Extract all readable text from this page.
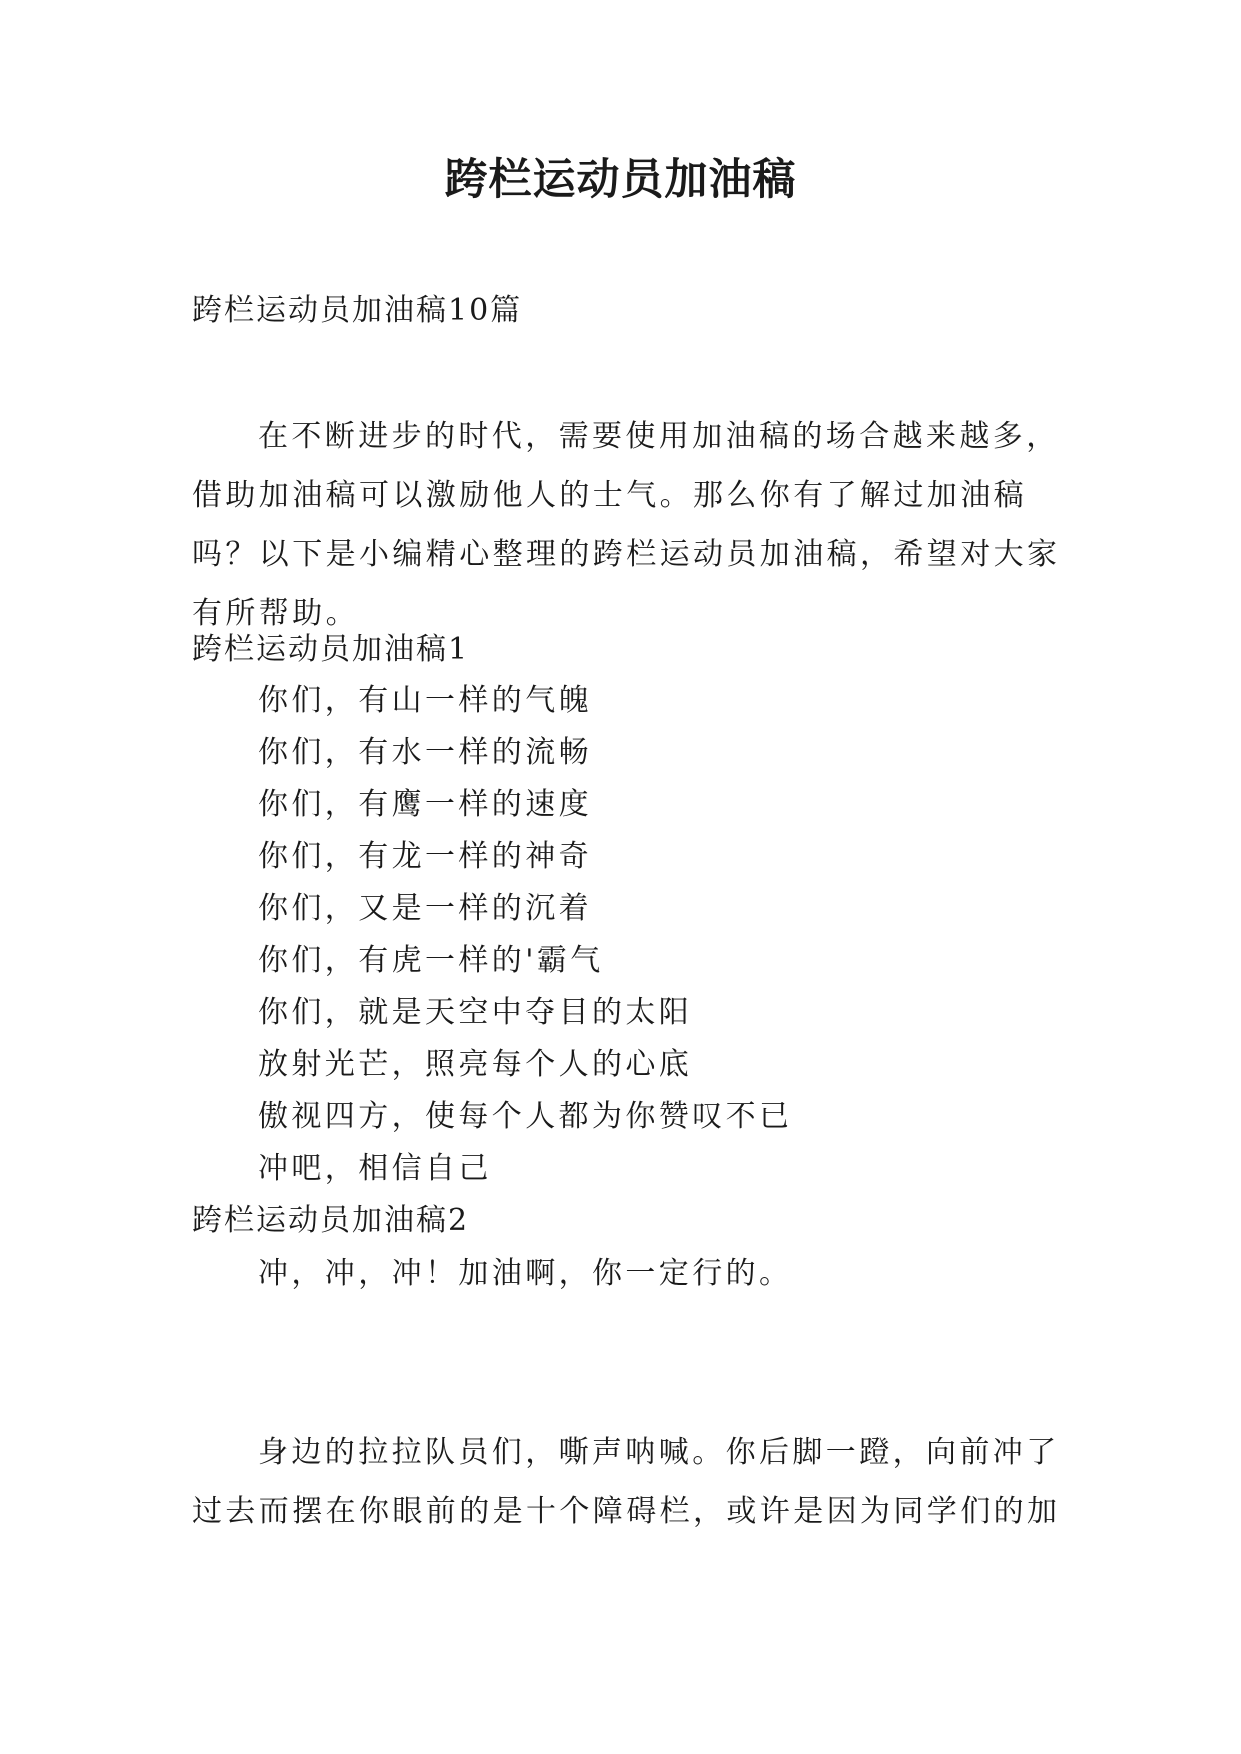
跨栏运动员加油稿
跨栏运动员加油稿10篇

在不断进步的时代，需要使用加油稿的场合越来越多，借助加油稿可以激励他人的士气。那么你有了解过加油稿吗？以下是小编精心整理的跨栏运动员加油稿，希望对大家有所帮助。

跨栏运动员加油稿1
你们，有山一样的气魄
你们，有水一样的流畅
你们，有鹰一样的速度
你们，有龙一样的神奇
你们，又是一样的沉着
你们，有虎一样的'霸气
你们，就是天空中夺目的太阳
放射光芒，照亮每个人的心底
傲视四方，使每个人都为你赞叹不已
冲吧，相信自己
跨栏运动员加油稿2
冲，冲，冲！加油啊，你一定行的。

身边的拉拉队员们，嘶声呐喊。你后脚一蹬，向前冲了过去而摆在你眼前的是十个障碍栏，或许是因为同学们的加
